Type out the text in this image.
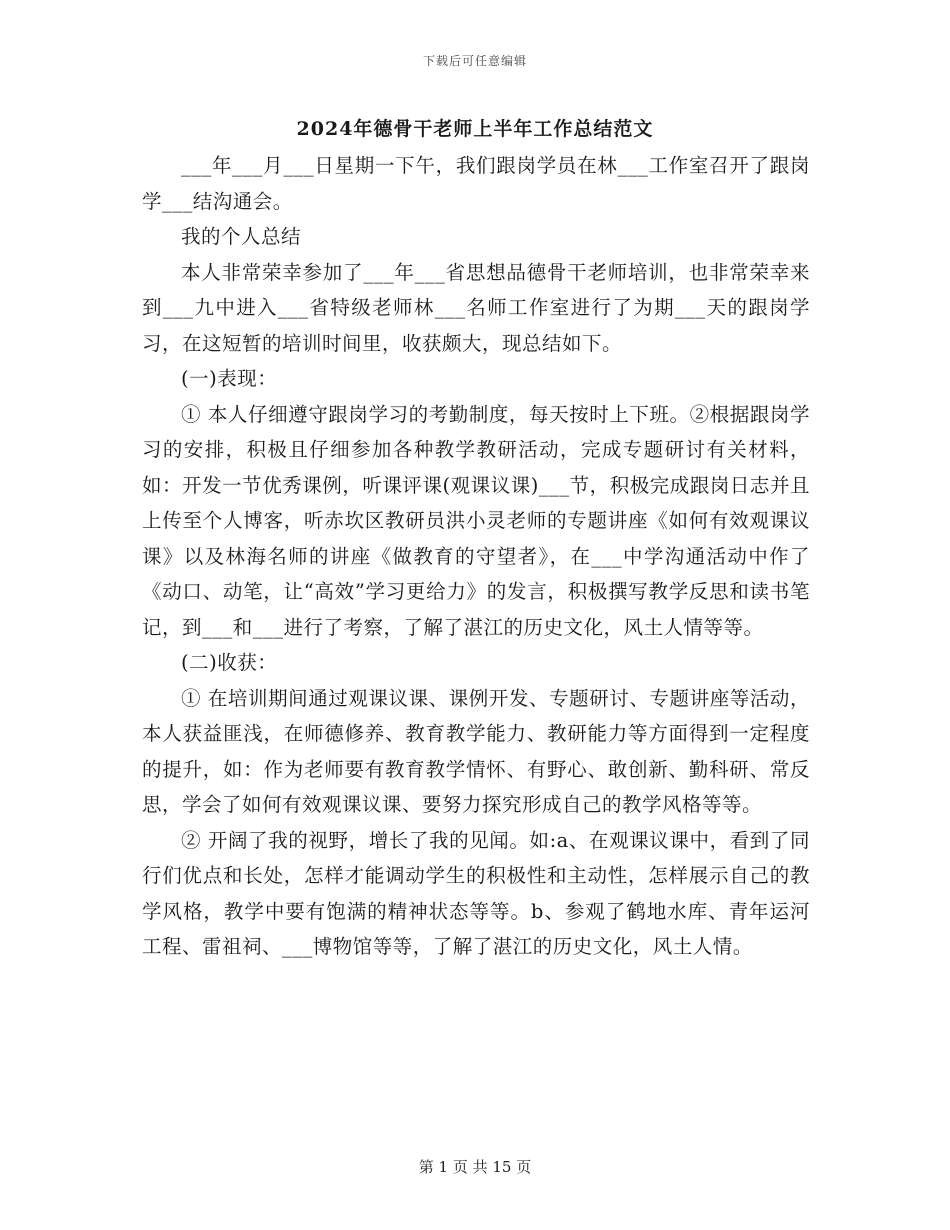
下载后可任意编辑
2024年德骨干老师上半年工作总结范文

___年___月___日星期一下午，我们跟岗学员在林___工作室召开了跟岗学___结沟通会。

我的个人总结

本人非常荣幸参加了___年___省思想品德骨干老师培训，也非常荣幸来到___九中进入___省特级老师林___名师工作室进行了为期___天的跟岗学习，在这短暂的培训时间里，收获颇大，现总结如下。

(一)表现：

① 本人仔细遵守跟岗学习的考勤制度，每天按时上下班。②根据跟岗学习的安排，积极且仔细参加各种教学教研活动，完成专题研讨有关材料，如：开发一节优秀课例，听课评课(观课议课)___节，积极完成跟岗日志并且上传至个人博客，听赤坎区教研员洪小灵老师的专题讲座《如何有效观课议课》以及林海名师的讲座《做教育的守望者》，在___中学沟通活动中作了《动口、动笔，让“高效”学习更给力》的发言，积极撰写教学反思和读书笔记，到___和___进行了考察，了解了湛江的历史文化，风土人情等等。

(二)收获：

① 在培训期间通过观课议课、课例开发、专题研讨、专题讲座等活动，本人获益匪浅，在师德修养、教育教学能力、教研能力等方面得到一定程度的提升，如：作为老师要有教育教学情怀、有野心、敢创新、勤科研、常反思，学会了如何有效观课议课、要努力探究形成自己的教学风格等等。

② 开阔了我的视野，增长了我的见闻。如:a、在观课议课中，看到了同行们优点和长处，怎样才能调动学生的积极性和主动性，怎样展示自己的教学风格，教学中要有饱满的精神状态等等。b、参观了鹤地水库、青年运河工程、雷祖祠、___博物馆等等，了解了湛江的历史文化，风土人情。

第 1 页 共 15 页
